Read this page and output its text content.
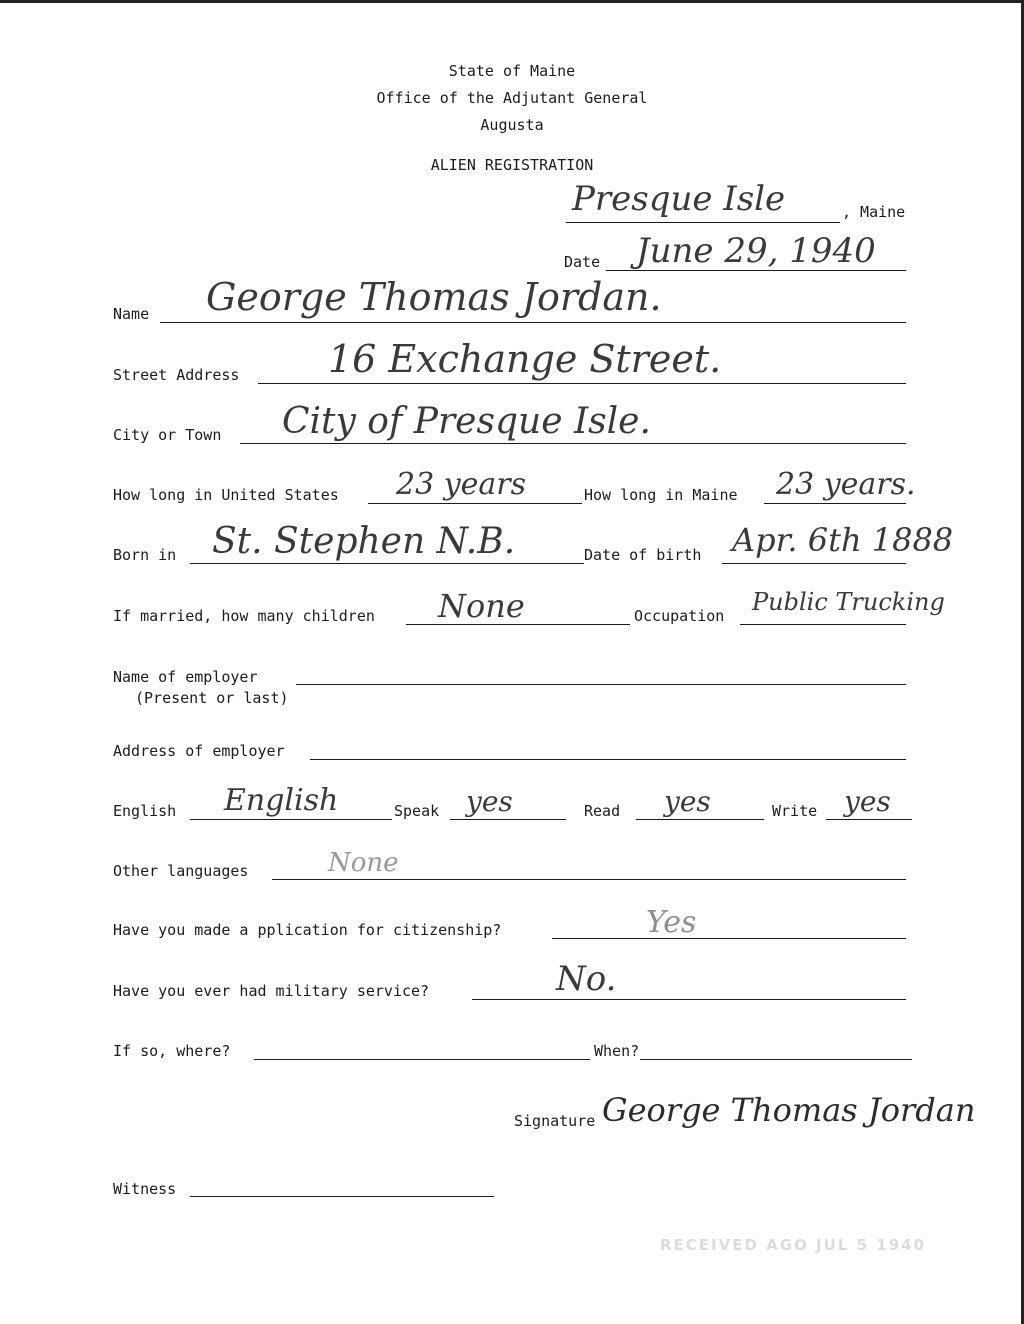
State of Maine
Office of the Adjutant General
Augusta
ALIEN REGISTRATION
Presque Isle	, Maine
Date June 29, 1940
Name George Thomas Jordan.
Street Address 16 Exchange Street.
City or Town City of Presque Isle.
How long in United States 23 years	How long in Maine 23 years.
Born in St. Stephen N.B.	Date of birth Apr. 6th 1888
If married, how many children None	Occupation Public Trucking
Name of employer
(Present or last)
Address of employer
English English	Speak yes	Read yes	Write yes
Other languages	None
Have you made a pplication for citizenship?	Yes
Have you ever had military service?	No.
If so, where?	When?
Signature George Thomas Jordan
Witness
RECEIVED AGO JUL 5 1940
